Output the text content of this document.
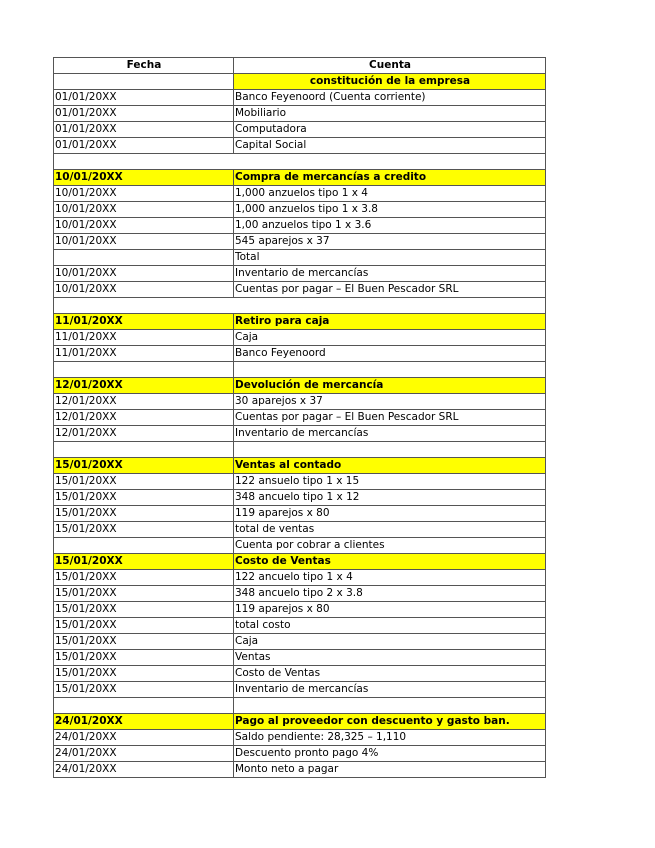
Fecha	Cuenta
	constitución de la empresa
01/01/20XX	Banco Feyenoord (Cuenta corriente)
01/01/20XX	Mobiliario
01/01/20XX	Computadora
01/01/20XX	Capital Social

10/01/20XX	Compra de mercancías a credito
10/01/20XX	1,000 anzuelos tipo 1 x 4
10/01/20XX	1,000 anzuelos tipo 1 x 3.8
10/01/20XX	1,00 anzuelos tipo 1 x 3.6
10/01/20XX	545 aparejos x 37
	Total
10/01/20XX	Inventario de mercancías
10/01/20XX	Cuentas por pagar – El Buen Pescador SRL

11/01/20XX	Retiro para caja
11/01/20XX	Caja
11/01/20XX	Banco Feyenoord

12/01/20XX	Devolución de mercancía
12/01/20XX	30 aparejos x 37
12/01/20XX	Cuentas por pagar – El Buen Pescador SRL
12/01/20XX	Inventario de mercancías

15/01/20XX	Ventas al contado
15/01/20XX	122 ansuelo tipo 1 x 15
15/01/20XX	348 ancuelo tipo 1 x 12
15/01/20XX	119 aparejos x 80
15/01/20XX	total de ventas
	Cuenta por cobrar a clientes
15/01/20XX	Costo de Ventas
15/01/20XX	122 ancuelo tipo 1 x 4
15/01/20XX	348 ancuelo tipo 2 x 3.8
15/01/20XX	119 aparejos x 80
15/01/20XX	total costo
15/01/20XX	Caja
15/01/20XX	Ventas
15/01/20XX	Costo de Ventas
15/01/20XX	Inventario de mercancías

24/01/20XX	Pago al proveedor con descuento y gasto ban.
24/01/20XX	Saldo pendiente: 28,325 – 1,110
24/01/20XX	Descuento pronto pago 4%
24/01/20XX	Monto neto a pagar
